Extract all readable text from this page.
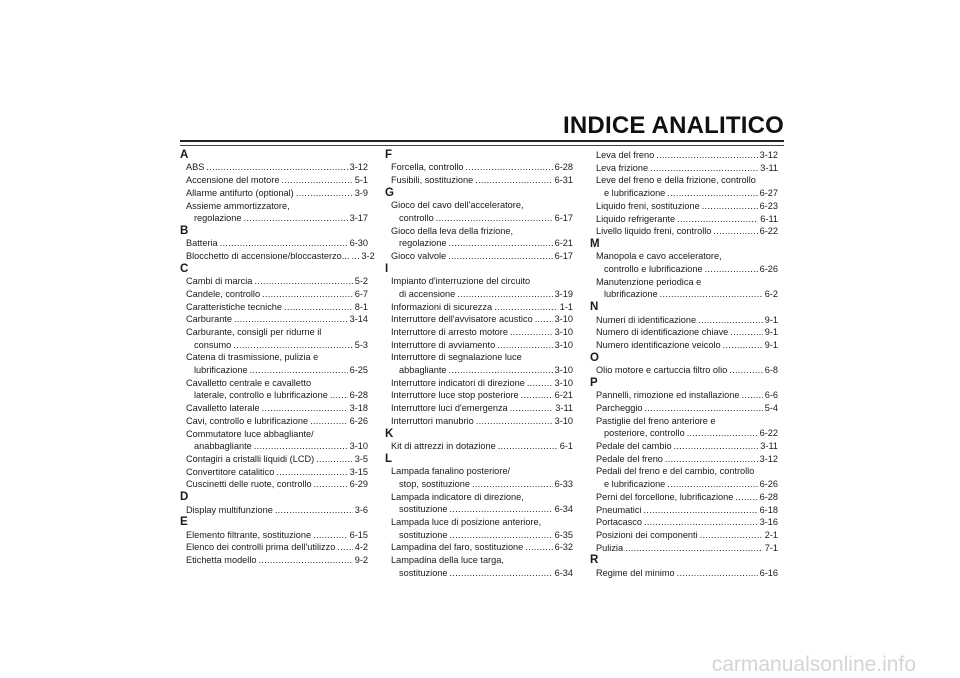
INDICE ANALITICO
A
ABS .....	3-12
Accensione del motore .....	5-1
Allarme antifurto (optional) .....	3-9
Assieme ammortizzatore,
regolazione .....	3-17
B
Batteria .....	6-30
Blocchetto di accensione/bloccasterzo... ..... 3-2
C
Cambi di marcia .....	5-2
Candele, controllo .....	6-7
Caratteristiche tecniche .....	8-1
Carburante .....	3-14
Carburante, consigli per ridurne il
consumo .....	5-3
Catena di trasmissione, pulizia e
lubrificazione .....	6-25
Cavalletto centrale e cavalletto
laterale, controllo e lubrificazione ..... 6-28
Cavalletto laterale .....	3-18
Cavi, controllo e lubrificazione .....	6-26
Commutatore luce abbagliante/
anabbagliante .....	3-10
Contagiri a cristalli liquidi (LCD) .....	3-5
Convertitore catalitico .....	3-15
Cuscinetti delle ruote, controllo .....	6-29
D
Display multifunzione .....	3-6
E
Elemento filtrante, sostituzione .....	6-15
Elenco dei controlli prima dell'utilizzo ..... 4-2
Etichetta modello .....	9-2
F
Forcella, controllo .....	6-28
Fusibili, sostituzione .....	6-31
G
Gioco del cavo dell'acceleratore,
controllo .....	6-17
Gioco della leva della frizione,
regolazione .....	6-21
Gioco valvole .....	6-17
I
Impianto d'interruzione del circuito
di accensione .....	3-19
Informazioni di sicurezza .....	1-1
Interruttore dell'avvisatore acustico ..... 3-10
Interruttore di arresto motore .....	3-10
Interruttore di avviamento .....	3-10
Interruttore di segnalazione luce
abbagliante .....	3-10
Interruttore indicatori di direzione .....	3-10
Interruttore luce stop posteriore .....	6-21
Interruttore luci d'emergenza .....	3-11
Interruttori manubrio .....	3-10
K
Kit di attrezzi in dotazione .....	6-1
L
Lampada fanalino posteriore/
stop, sostituzione .....	6-33
Lampada indicatore di direzione,
sostituzione .....	6-34
Lampada luce di posizione anteriore,
sostituzione .....	6-35
Lampadina del faro, sostituzione .....	6-32
Lampadina della luce targa,
sostituzione .....	6-34
Leva del freno .....	3-12
Leva frizione .....	3-11
Leve del freno e della frizione, controllo
e lubrificazione .....	6-27
Liquido freni, sostituzione .....	6-23
Liquido refrigerante .....	6-11
Livello liquido freni, controllo .....	6-22
M
Manopola e cavo acceleratore,
controllo e lubrificazione .....	6-26
Manutenzione periodica e
lubrificazione .....	6-2
N
Numeri di identificazione .....	9-1
Numero di identificazione chiave .....	9-1
Numero identificazione veicolo .....	9-1
O
Olio motore e cartuccia filtro olio .....	6-8
P
Pannelli, rimozione ed installazione .....	6-6
Parcheggio .....	5-4
Pastiglie del freno anteriore e
posteriore, controllo .....	6-22
Pedale del cambio .....	3-11
Pedale del freno .....	3-12
Pedali del freno e del cambio, controllo
e lubrificazione .....	6-26
Perni del forcellone, lubrificazione .....	6-28
Pneumatici .....	6-18
Portacasco .....	3-16
Posizioni dei componenti .....	2-1
Pulizia .....	7-1
R
Regime del minimo .....	6-16
carmanualsonline.info
